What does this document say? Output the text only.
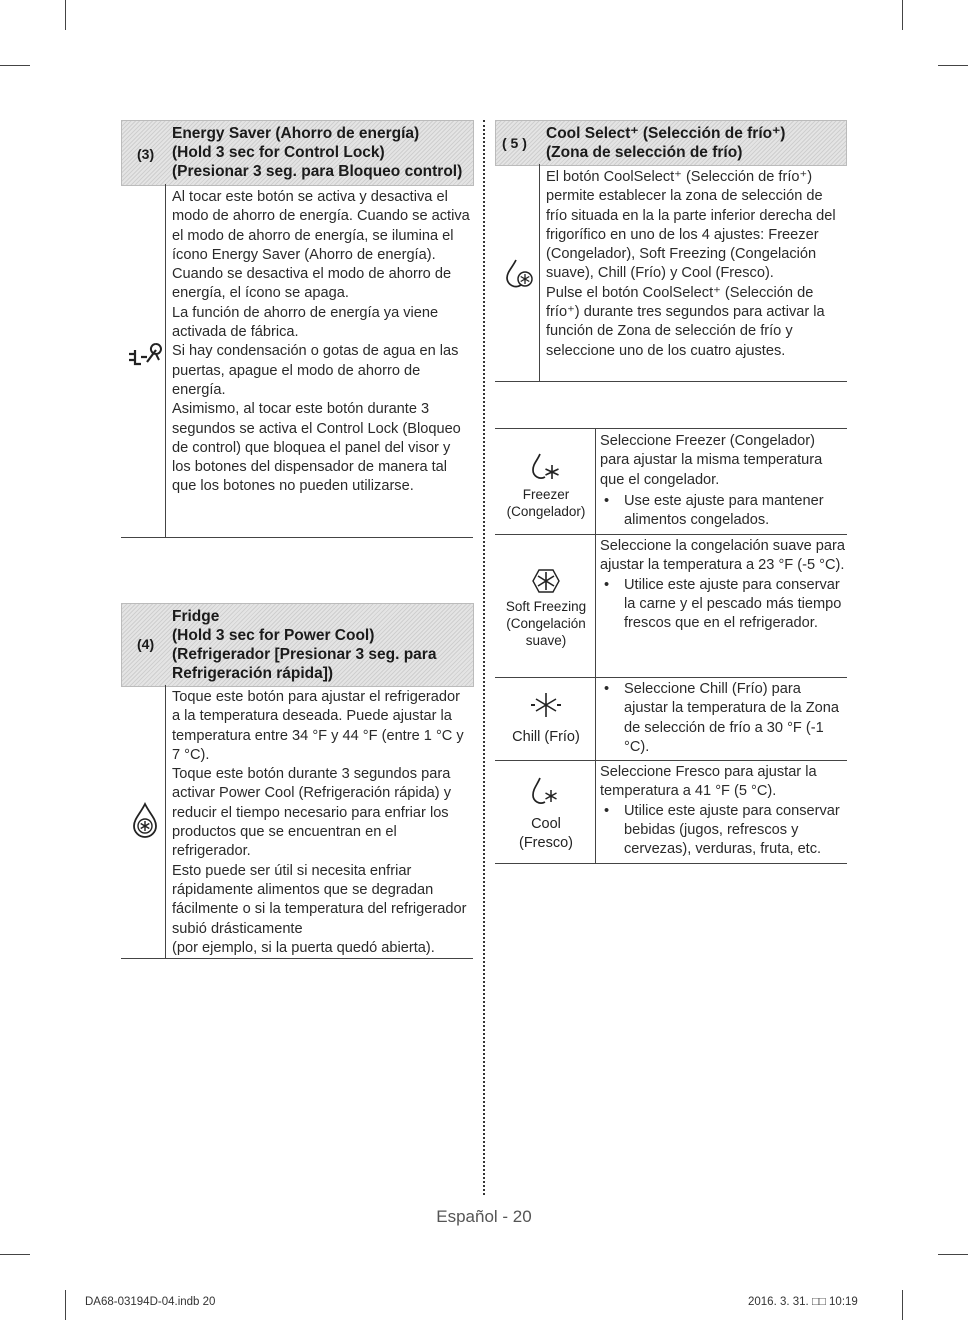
(3)
Energy Saver (Ahorro de energía)
(Hold 3 sec for Control Lock)
(Presionar 3 seg. para Bloqueo control)
Al tocar este botón se activa y desactiva el modo de ahorro de energía. Cuando se activa el modo de ahorro de energía, se ilumina el ícono Energy Saver (Ahorro de energía).
Cuando se desactiva el modo de ahorro de energía, el ícono se apaga.
La función de ahorro de energía ya viene activada de fábrica.
Si hay condensación o gotas de agua en las puertas, apague el modo de ahorro de energía.
Asimismo, al tocar este botón durante 3 segundos se activa el Control Lock (Bloqueo de control) que bloquea el panel del visor y los botones del dispensador de manera tal que los botones no pueden utilizarse.
(4)
Fridge
(Hold 3 sec for Power Cool)
(Refrigerador [Presionar 3 seg. para
Refrigeración rápida])
Toque este botón para ajustar el refrigerador a la temperatura deseada. Puede ajustar la temperatura entre 34 °F y 44 °F (entre 1 °C y 7 °C).
Toque este botón durante 3 segundos para activar Power Cool (Refrigeración rápida) y reducir el tiempo necesario para enfriar los productos que se encuentran en el refrigerador.
Esto puede ser útil si necesita enfriar rápidamente alimentos que se degradan fácilmente o si la temperatura del refrigerador subió drásticamente
(por ejemplo, si la puerta quedó abierta).
( 5 )
Cool Select⁺ (Selección de frío⁺)
(Zona de selección de frío)
El botón CoolSelect⁺ (Selección de frío⁺) permite establecer la zona de selección de frío situada en la la parte inferior derecha del frigorífico en uno de los 4 ajustes: Freezer (Congelador), Soft Freezing (Congelación suave), Chill (Frío) y Cool (Fresco).
Pulse el botón CoolSelect⁺ (Selección de frío⁺) durante tres segundos para activar la función de Zona de selección de frío y seleccione uno de los cuatro ajustes.
Freezer
(Congelador)
Seleccione Freezer (Congelador) para ajustar la misma temperatura que el congelador.
• Use este ajuste para mantener alimentos congelados.
Soft Freezing
(Congelación
suave)
Seleccione la congelación suave para ajustar la temperatura a 23 °F (-5 °C).
• Utilice este ajuste para conservar la carne y el pescado más tiempo frescos que en el refrigerador.
Chill (Frío)
• Seleccione Chill (Frío) para ajustar la temperatura de la Zona de selección de frío a 30 °F (-1 °C).
Cool
(Fresco)
Seleccione Fresco para ajustar la temperatura a 41 °F (5 °C).
• Utilice este ajuste para conservar bebidas (jugos, refrescos y cervezas), verduras, fruta, etc.
Español - 20
DA68-03194D-04.indb 20	2016. 3. 31. □□ 10:19
